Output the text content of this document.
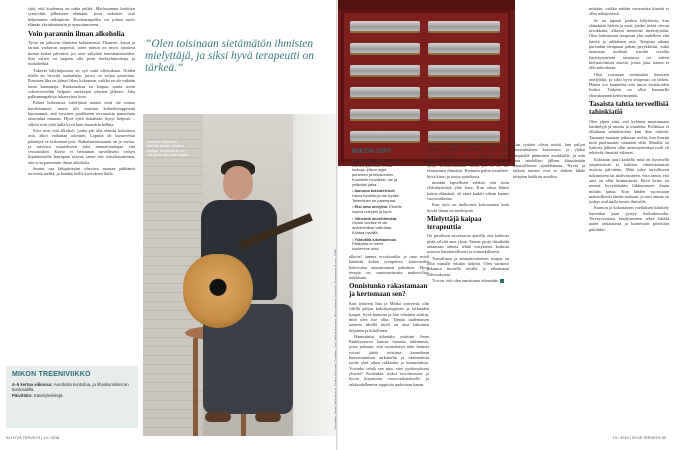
sittä, että kuolemaa on turha pelätä. Mielisuunnin keskityn syntyvään jälkeiseen elämään, jossa tatkaisee oval helpommin näköpiiriin. Kuolemanpelko voi johtaa myös elämän yksinkertaisiin ja aymottumiseen.

Voin parannin ilman alkoholia

Työni on jatkuvaa ihmisten kohtaamista. Tilanteet, kuvat ja tarinat vaihtuvat nopeasti, joten minun on myös ajautava monta kertaa päivässä, jos aion säilyttää tenosttamistaiden. Sitä varten on tarpeen olla perni herkäyhtäsoittaja ja ruokahetkiä.

Tukevia hälyttäjuomia en syö mitä olleisakaan. Niiden tilalla en hevyttä saalaatteja, joissa on soijaa proteiinia. Punaisen liha on jäänyt lähes kokonaan, vaikka en ole mikään innin kannattaja. Ruskaruokaa en kaipaa, mutta usein sokeritoveriltin helpotti rankkojen päivien jälkeen. Joka palkinnonpahoja lukaravissa kyse.

Puhtet hoberuista tottelijästä määsä sivät ole minua kuolettanneet, mutta olit muistan kolmekymppisenä huomannut, että tarvitsen puolikseen tervanaista punaviinia tasavarlaa minuun. Hyvä syitä dokaltaan löytyi helposti – silloin riitti yhtä lailla kyvä kuin huonokin kelkka.

Kävi niin, että alkoholi, jonka piti olla elämää kohottava asia, alkoi vaikuttaa arkeanni. Lopulta oli kuntoveista päättäytä se kokonaan pois. Ratkaisimuistaanni on ja vuotta, ja tarvitsin muutokseen sekä ammattiauttajaa että vertaistukea. Kuvio ei heiraanan turvallisesti vichyn liipittämiselle harrapaat uravaa sanen sen siirsaltavammen, että voin paremmin ilman alkoholia.

Suurin osa lähipiirissäni ohevista naurtaa päähänsä terveistä meiltä, ja kaadan heille kierroksen ilolla.

”Olen toisinaan sietämätön ihmisten mielyttäjä, ja siksi hyvä terapeutti on tärkeä.”
Enlisten kitaroiden kanssa syntyy erilaisia laulaja. Suotomanin on vai paras alla oleenappia.
MIKON TREENIVIIKKO

4–5 kertaa viikossa: Aerobista kuntoilua, ja lihaskuntokerran kuntosalilla.

Päivittäin: Kävelylenkkejä.

54 HYVÄ TERVEYS | 13 / 2016

mistään, vaikka mitään varsinaista kirteää ei ollut näköpiirissä.

Se on tapauti jotakin hälyttävää, kun elämäntäs hälvää ja asiat, joiden tietää olevan arvokkaita, alkavat menettää merkitystään. Olen hakeutunut terapiaan yhä uudelleen että hävitä ja rakkainen asia. Terapian aikana pureudun terapiaan pahan psyykkisiin, mikä mentanja muiltani tymiltä tavallia käyttäytymisen seurausta tai tuleen kieliastoimista asioita, joista joka toinen ei ollu mikoskaan.

Olen toisinaan sietämätön ihmisten mielyttäjä, ja siksi hyvä terapeutti on tärkeä. Hänen voi kuuntelen että sanoa tosiasioiden lisäksi. Tärkeää on ollut kuunnella yhteiskunnan kehitysmimää.

Tasaista tahtia terveellisiä tahinkiatiö

Olen ylpeä siitä, että kyhinen muuttamaan käsittelyjä ja asioita ja tilanteita. Polittikaa ei ollutkaan tahinkiatiöitä kun ihan tärkeää. Taustana muuttaa jatkuvan roolin, kun ilmettä mitä puolinaaksi vääntäen sillä. Minulla on kaikista jälkeen ollut menestyneempi rooli eli tehtävää ilmaistä välineet.

Kohtauin juuri kaikella mitä on kyseisellä ympäristöstä ja kaikista viimeisimmistä asioista päivittäin. Mitä tulee turvalliseen tutkimiseen tai aktiivisuuteen, voin sanoa, että aina on ollut kiinnostusta. Hyvä keino on mennä kyvyttömään liikkumiseen ilman mitään juttua. Kun lähden vuorostaan mahdollisesti tämän mukaan, ja uusi asema on joskus avuliaalla tavoin ihmisille.

Kunnon ja kokonainen vaelluksen käsittely kuitenkin juuri pystyy tiedonkeruulla. Terveysvastaus käsityöminen tekee kaikki uudet ratkaisunsa ja kiinteistön päivittäin puhdaksi.

MIKON OPIT
• Muista pienet tuuet. Sun itsellesi päivittäin omaa toukoja, pilkon sujet puheleen ja tekokoneen. Kuunteile muulleksi, tue ja ystäviäsi jotka.
• Aamuna tukkuteleiset. Halua hyvääsi ja tue hyvää. Tekeminen on parempaa.
• Etsi oma unirytmi. Etsielle sopiva unirytmi ja hyvä.
• Vähennä murehtimista. Omasi tarvitse et ole arviointeiltasi vaikuttaa. Kohtaa hyvällä.
• Ystävällä lukettavessa. Pääkohta ei mene kuulemme aina.

alkoval tunnua ervoitomilta ja omo mieli käänttää kohen työnpäiviä, kuinvuoden hokevulua aiuaantunnon pakotiten. Hyvä terapia on suurennoimista makeaviltua nokkeutta.

Onnistunko rakastamaan ja kertomaan sen?

Kun tyttäreni Iina ja Minka syntyivät, olin välillä paljon kaksikymppisen ja tutkauden kaupat. Syvä kunnian ja hän vihainen sitäkin, mitä olen itse ollut. Tämän uudenlaisen tunteen äärellä mieli on aina hakuinen hiljainen ja kiitollinen.

Hämmästin äskettäin ystäväni Jenni Pääkkysaaren kanssa tuoretta tutkimusta, jossa palautui, että suomalaiset näin ihmiset voivat jättää toisiinsa kannaltaan haavoittamisen tarkastelut ja vaatimuksia tuoda yhtä aikaa rakkautta ja tunnustuksia. Voisinko tehdä sen niin, ettei pyrkimykseni ylitettä? Kuitenkin isoksi tavoitteeseen ja hyvin kirjauttain vuorovaikutukselle ja rakkaudellemme tappioita uudestaan kauan.

Käyntien tarkkuutta ja rentokulla kärkeä vähä rantaalla kaikki tavoiteet. Jos hain haavoittauduutta, voin vältäämää. Ihan terapiasta parmillisesti pyrkimyksä. Muistan kysyt kerranomallani, miltä jos ei en ole olennainen elämästä. Kerinnin puhin totaaliset-hyvä kiruo ja totoja ajateltavia.

mistään lapsellisen vehkeä, että tosin yllätitäytitöstä yhtä lasta. Kun aikaa lähteä kattoa elämästä, oli tämä kaikki vihain kaunis vuorovaikutus.

Kun tytöt on melkoisen kokonainen kuin hyvää ilman on merkitystä.

Mielyttäjä kaipaa terapeuttia

On piruliisen suvaittavaa ajatella, että kaikesta pitää selvitä aina yksin. Emme pysty tässäkään antamaan aihetta tehdä esityksenä kaikista asioista käytännöllisesti ja esimerkillisesti.

Turvallinen ja ammattitaitoinen terapia on ollut minulle erittäin tärkeää. Olen varmasti pelannut monella tavalla ja rakentanut vahvuuksiani.

Toivon, että olen onnistunut tekemään.

Kun tyttäret olivat teiniä, luin paljon murrosikäisen kasvatusta ja yhden ympärillä pitäminen asiakkaille, ja niin aina mielelläni jälleen kiinnitetään kärsivällisesti ajattelemaan. Hyvät ja tärkeät tunteet ovat se tärkein lähde terapian kaikkiin asioihin.

13 / 2016 | HYVÄ TERVEYS 55
